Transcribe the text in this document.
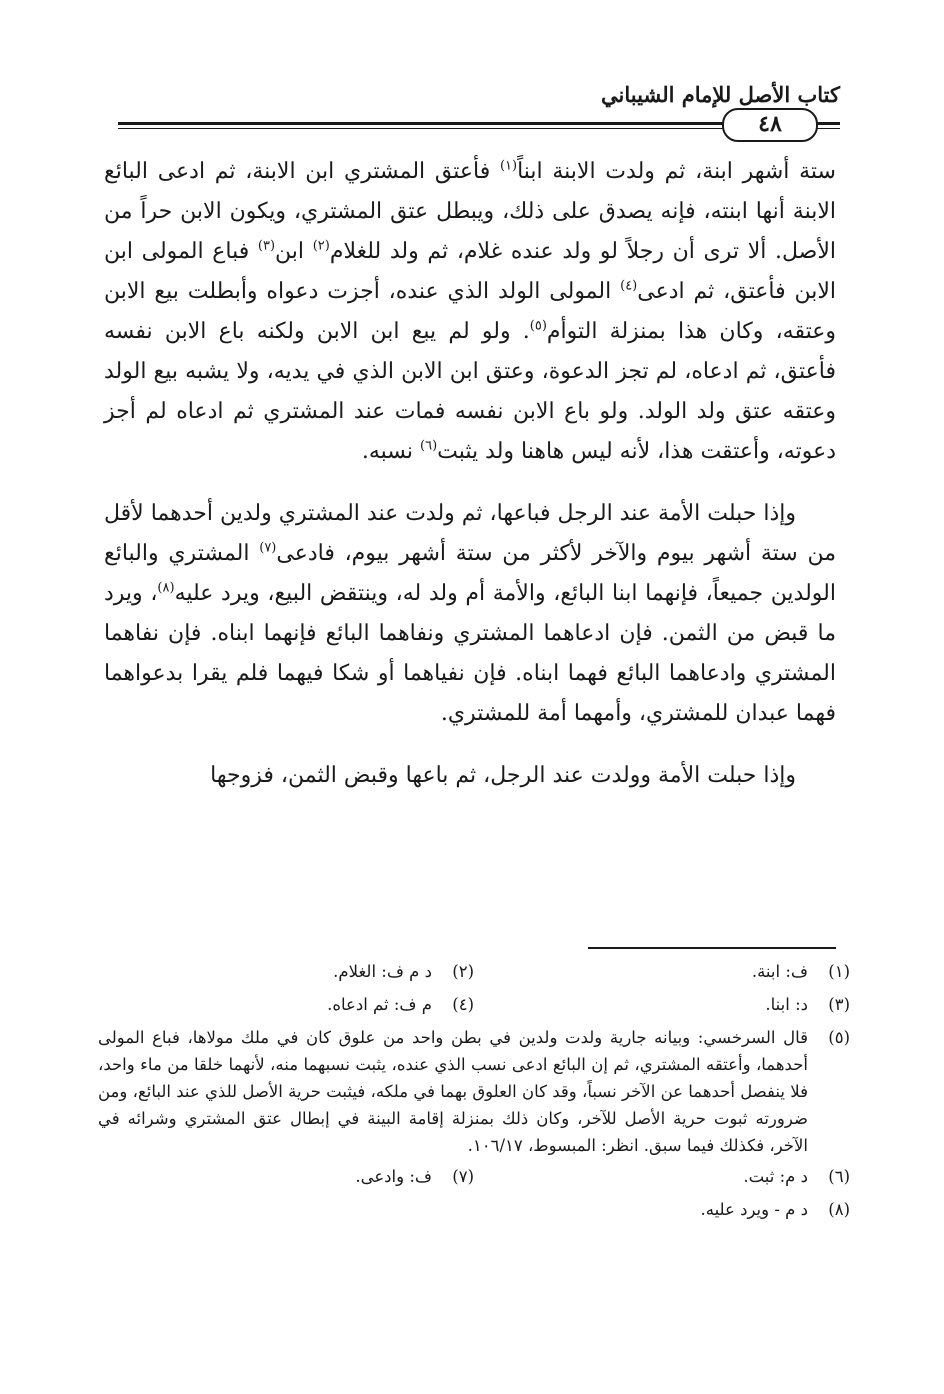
كتاب الأصل للإمام الشيباني
٤٨

ستة أشهر ابنة، ثم ولدت الابنة ابناً$^{(١)}$ فأعتق المشتري ابن الابنة، ثم ادعى البائع الابنة أنها ابنته، فإنه يصدق على ذلك، ويبطل عتق المشتري، ويكون الابن حراً من الأصل. ألا ترى أن رجلاً لو ولد عنده غلام، ثم ولد للغلام$^{(٢)}$ ابن$^{(٣)}$ فباع المولى ابن الابن فأعتق، ثم ادعى$^{(٤)}$ المولى الولد الذي عنده، أجزت دعواه وأبطلت بيع الابن وعتقه، وكان هذا بمنزلة التوأم$^{(٥)}$. ولو لم يبع ابن الابن ولكنه باع الابن نفسه فأعتق، ثم ادعاه، لم تجز الدعوة، وعتق ابن الابن الذي في يديه، ولا يشبه بيع الولد وعتقه عتق ولد الولد. ولو باع الابن نفسه فمات عند المشتري ثم ادعاه لم أجز دعوته، وأعتقت هذا، لأنه ليس هاهنا ولد يثبت$^{(٦)}$ نسبه.

وإذا حبلت الأمة عند الرجل فباعها، ثم ولدت عند المشتري ولدين أحدهما لأقل من ستة أشهر بيوم والآخر لأكثر من ستة أشهر بيوم، فادعى$^{(٧)}$ المشتري والبائع الولدين جميعاً، فإنهما ابنا البائع، والأمة أم ولد له، وينتقض البيع، ويرد عليه$^{(٨)}$، ويرد ما قبض من الثمن. فإن ادعاهما المشتري ونفاهما البائع فإنهما ابناه. فإن نفاهما المشتري وادعاهما البائع فهما ابناه. فإن نفياهما أو شكا فيهما فلم يقرا بدعواهما فهما عبدان للمشتري، وأمهما أمة للمشتري.

وإذا حبلت الأمة وولدت عند الرجل، ثم باعها وقبض الثمن، فزوجها

(١)
ف: ابنة.
(٢)
د م ف: الغلام.
(٣)
د: ابنا.
(٤)
م ف: ثم ادعاه.
(٥)
قال السرخسي: وبيانه جارية ولدت ولدين في بطن واحد من علوق كان في ملك مولاها، فباع المولى أحدهما، وأعتقه المشتري، ثم إن البائع ادعى نسب الذي عنده، يثبت نسبهما منه، لأنهما خلقا من ماء واحد، فلا ينفصل أحدهما عن الآخر نسباً، وقد كان العلوق بهما في ملكه، فيثبت حرية الأصل للذي عند البائع، ومن ضرورته ثبوت حرية الأصل للآخر، وكان ذلك بمنزلة إقامة البينة في إبطال عتق المشتري وشرائه في الآخر، فكذلك فيما سبق. انظر: المبسوط، ١٠٦/١٧.
(٦)
د م: ثبت.
(٧)
ف: وادعى.
(٨)
د م - ويرد عليه.
